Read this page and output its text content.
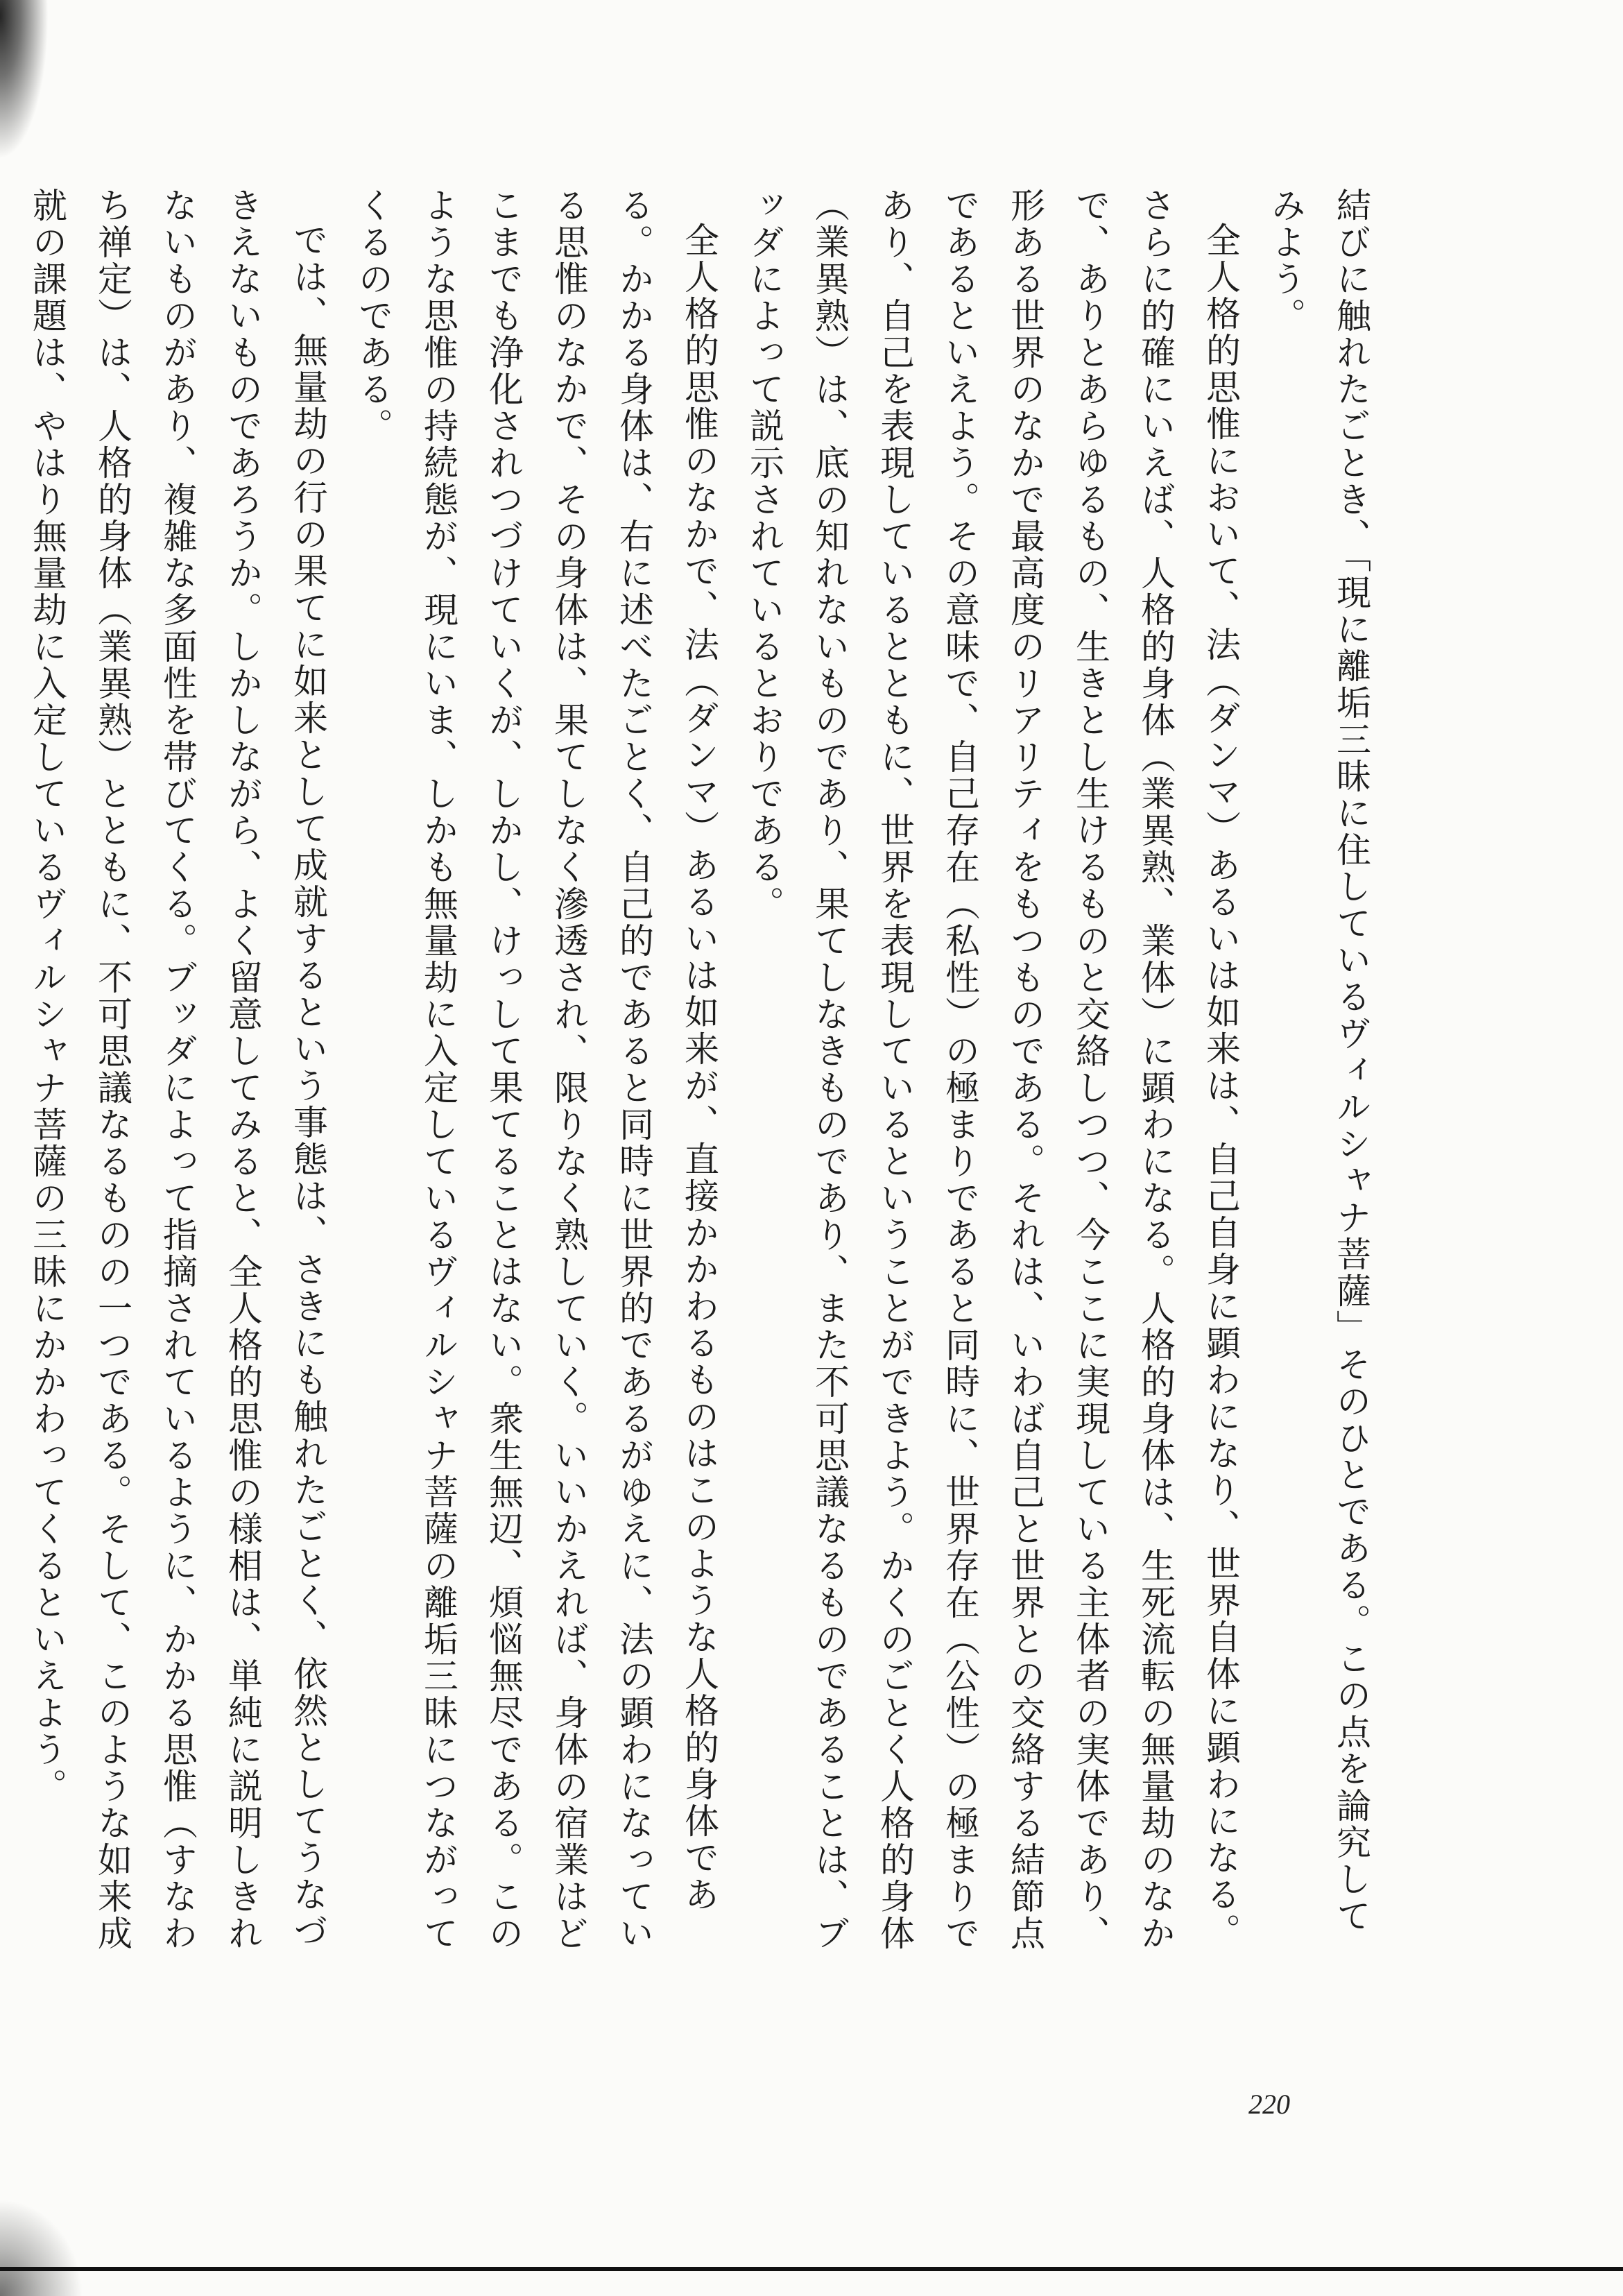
結びに触れたごとき、「現に離垢三昧に住しているヴィルシャナ菩薩」そのひとである。この点を論究してみよう。

全人格的思惟において、法（ダンマ）あるいは如来は、自己自身に顕わになり、世界自体に顕わになる。さらに的確にいえば、人格的身体（業異熟、業体）に顕わになる。人格的身体は、生死流転の無量劫のなかで、ありとあらゆるもの、生きとし生けるものと交絡しつつ、今ここに実現している主体者の実体であり、形ある世界のなかで最高度のリアリティをもつものである。それは、いわば自己と世界との交絡する結節点であるといえよう。その意味で、自己存在（私性）の極まりであると同時に、世界存在（公性）の極まりであり、自己を表現しているとともに、世界を表現しているということができよう。かくのごとく人格的身体（業異熟）は、底の知れないものであり、果てしなきものであり、また不可思議なるものであることは、ブッダによって説示されているとおりである。

全人格的思惟のなかで、法（ダンマ）あるいは如来が、直接かかわるものはこのような人格的身体である。かかる身体は、右に述べたごとく、自己的であると同時に世界的であるがゆえに、法の顕わになっている思惟のなかで、その身体は、果てしなく滲透され、限りなく熟していく。いいかえれば、身体の宿業はどこまでも浄化されつづけていくが、しかし、けっして果てることはない。衆生無辺、煩悩無尽である。このような思惟の持続態が、現にいま、しかも無量劫に入定しているヴィルシャナ菩薩の離垢三昧につながってくるのである。

では、無量劫の行の果てに如来として成就するという事態は、さきにも触れたごとく、依然としてうなづきえないものであろうか。しかしながら、よく留意してみると、全人格的思惟の様相は、単純に説明しきれないものがあり、複雑な多面性を帯びてくる。ブッダによって指摘されているように、かかる思惟（すなわち禅定）は、人格的身体（業異熟）とともに、不可思議なるものの一つである。そして、このような如来成就の課題は、やはり無量劫に入定しているヴィルシャナ菩薩の三昧にかかわってくるといえよう。

220
